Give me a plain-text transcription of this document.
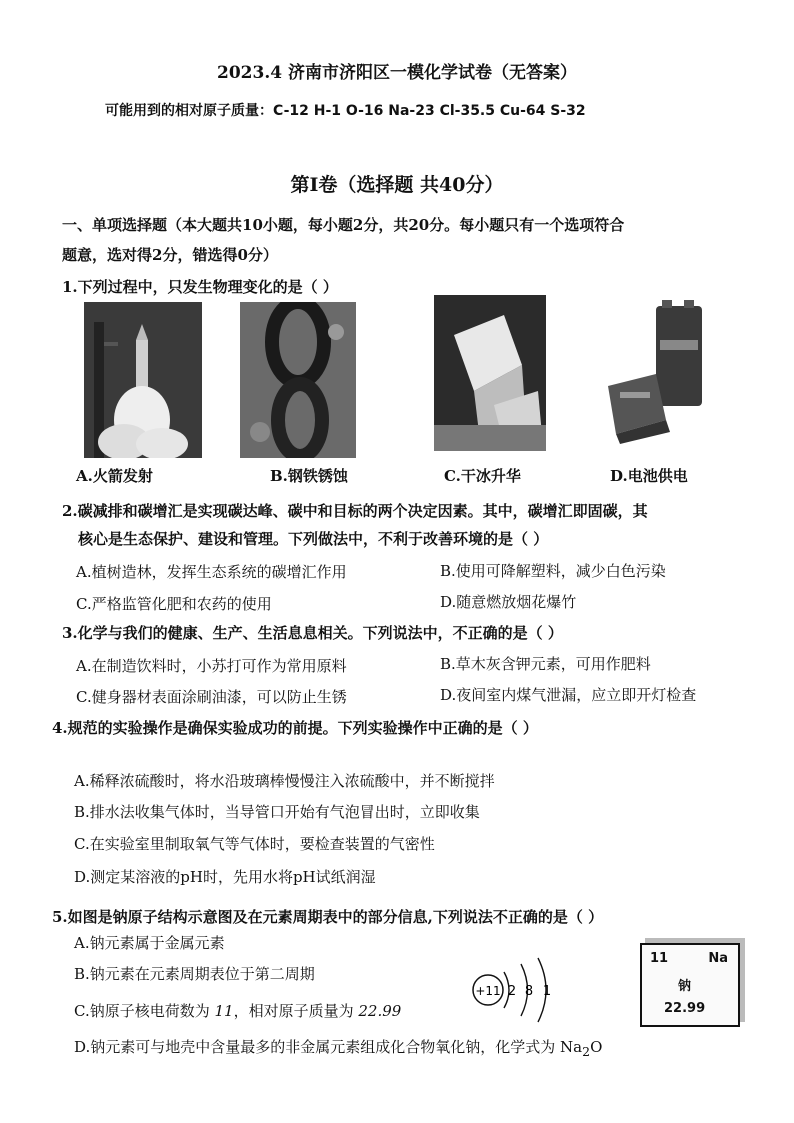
2023.4 济南市济阳区一模化学试卷（无答案）
可能用到的相对原子质量：C-12 H-1 O-16 Na-23 Cl-35.5 Cu-64 S-32
第Ⅰ卷（选择题 共40分）
一、单项选择题（本大题共10小题，每小题2分，共20分。每小题只有一个选项符合
题意，选对得2分，错选得0分）
1.下列过程中，只发生物理变化的是（ ）
A.火箭发射	B.钢铁锈蚀	C.干冰升华	D.电池供电
2.碳减排和碳增汇是实现碳达峰、碳中和目标的两个决定因素。其中，碳增汇即固碳，其
核心是生态保护、建设和管理。下列做法中，不利于改善环境的是（ ）
A.植树造林，发挥生态系统的碳增汇作用	B.使用可降解塑料，减少白色污染
C.严格监管化肥和农药的使用	D.随意燃放烟花爆竹
3.化学与我们的健康、生产、生活息息相关。下列说法中，不正确的是（ ）
A.在制造饮料时，小苏打可作为常用原料	B.草木灰含钾元素，可用作肥料
C.健身器材表面涂刷油漆，可以防止生锈	D.夜间室内煤气泄漏，应立即开灯检查
4.规范的实验操作是确保实验成功的前提。下列实验操作中正确的是（ ）
A.稀释浓硫酸时，将水沿玻璃棒慢慢注入浓硫酸中，并不断搅拌
B.排水法收集气体时，当导管口开始有气泡冒出时，立即收集
C.在实验室里制取氧气等气体时，要检查装置的气密性
D.测定某溶液的pH时，先用水将pH试纸润湿
5.如图是钠原子结构示意图及在元素周期表中的部分信息,下列说法不正确的是（ ）
A.钠元素属于金属元素
B.钠元素在元素周期表位于第二周期
C.钠原子核电荷数为 11，相对原子质量为 22.99
D.钠元素可与地壳中含量最多的非金属元素组成化合物氧化钠，化学式为 $Na_2O$
+11 2 8 1
11	Na
钠
22.99
